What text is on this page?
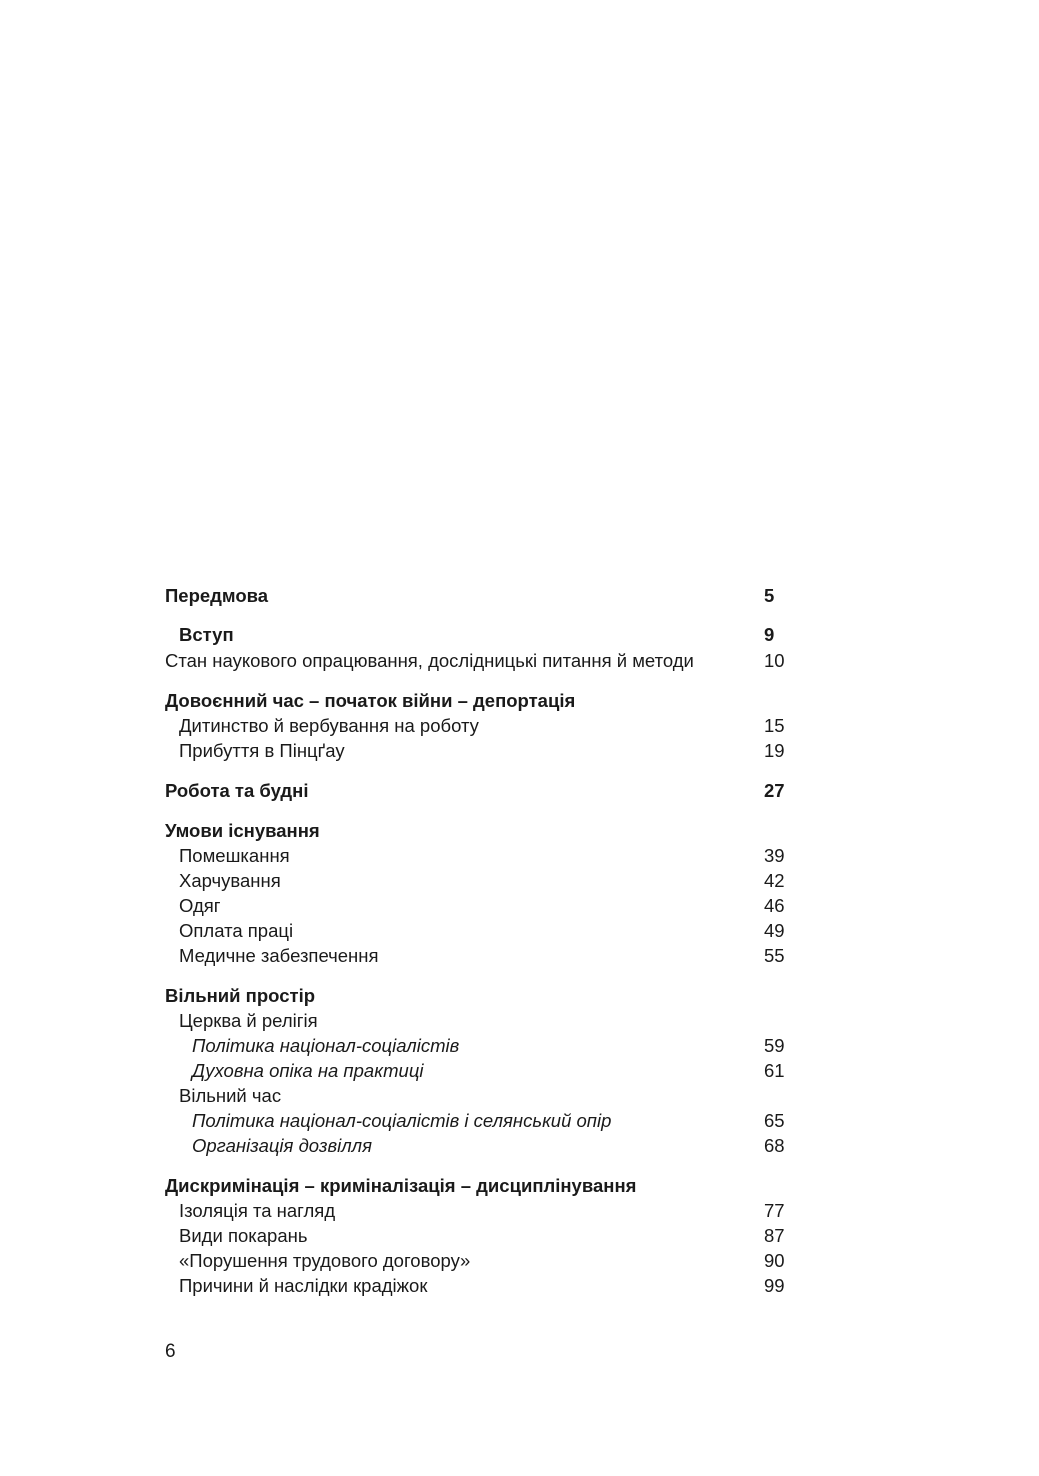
Передмова	5
Вступ	9
Стан наукового опрацювання, дослідницькі питання й методи	10
Довоєнний час – початок війни – депортація
Дитинство й вербування на роботу	15
Прибуття в Пінцґау	19
Робота та будні	27
Умови існування
Помешкання	39
Харчування	42
Одяг	46
Оплата праці	49
Медичне забезпечення	55
Вільний простір
Церква й релігія
Політика націонал-соціалістів	59
Духовна опіка на практиці	61
Вільний час
Політика націонал-соціалістів і селянський опір	65
Організація дозвілля	68
Дискримінація – криміналізація – дисциплінування
Ізоляція та нагляд	77
Види покарань	87
«Порушення трудового договору»	90
Причини й наслідки крадіжок	99
6
